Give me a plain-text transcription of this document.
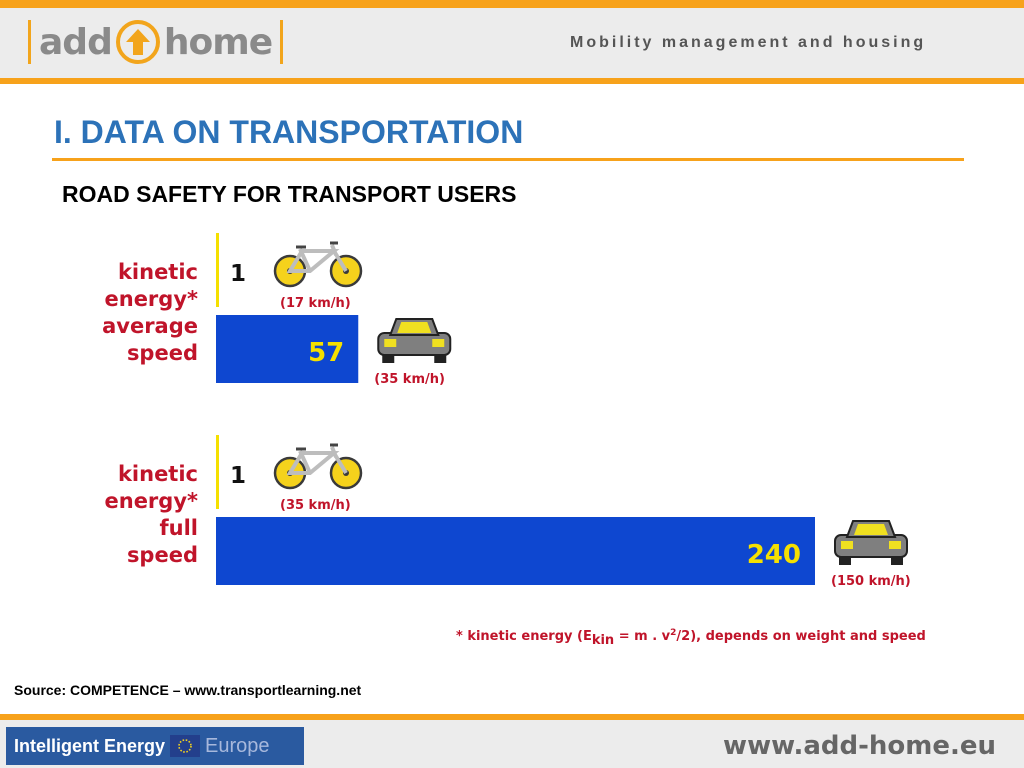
add home	Mobility management and housing
I. DATA ON TRANSPORTATION
ROAD SAFETY FOR TRANSPORT USERS
kinetic
energy*
average
speed
1
(17 km/h)
57
(35 km/h)
kinetic
energy*
full
speed
1
(35 km/h)
240
(150 km/h)
* kinetic energy (Ekin = m . v2/2), depends on weight and speed
Source: COMPETENCE – www.transportlearning.net
Intelligent Energy Europe	www.add-home.eu
